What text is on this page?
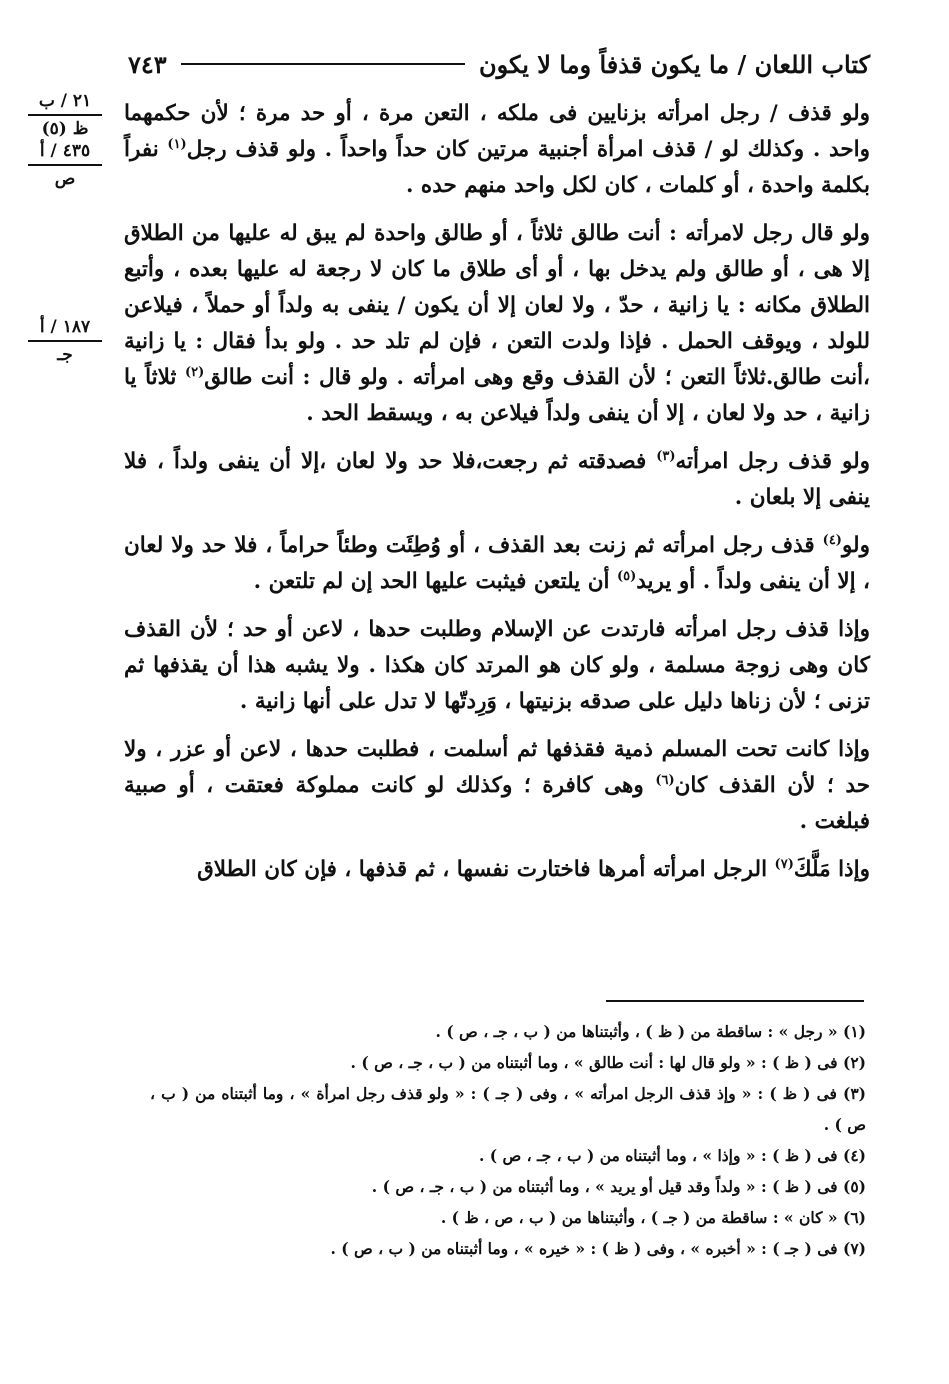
كتاب اللعان / ما يكون قذفاً وما لا يكون
٧٤٣
٢١ / ب
ظ (٥)
٤٣٥ / أ
ص
١٨٧ / أ
جـ

ولو قذف / رجل امرأته بزنايين فى ملكه ، التعن مرة ، أو حد مرة ؛ لأن حكمهما واحد . وكذلك لو / قذف امرأة أجنبية مرتين كان حداً واحداً . ولو قذف رجل$^{(١)}$ نفراً بكلمة واحدة ، أو كلمات ، كان لكل واحد منهم حده .

ولو قال رجل لامرأته : أنت طالق ثلاثاً ، أو طالق واحدة لم يبق له عليها من الطلاق إلا هى ، أو طالق ولم يدخل بها ، أو أى طلاق ما كان لا رجعة له عليها بعده ، وأتبع الطلاق مكانه : يا زانية ، حدّ ، ولا لعان إلا أن يكون / ينفى به ولداً أو حملاً ، فيلاعن للولد ، ويوقف الحمل . فإذا ولدت التعن ، فإن لم تلد حد . ولو بدأ فقال : يا زانية ،أنت طالق.ثلاثاً التعن ؛ لأن القذف وقع وهى امرأته . ولو قال : أنت طالق$^{(٢)}$ ثلاثاً يا زانية ، حد ولا لعان ، إلا أن ينفى ولداً فيلاعن به ، ويسقط الحد .

ولو قذف رجل امرأته$^{(٣)}$ فصدقته ثم رجعت،فلا حد ولا لعان ،إلا أن ينفى ولداً ، فلا ينفى إلا بلعان .

ولو$^{(٤)}$ قذف رجل امرأته ثم زنت بعد القذف ، أو وُطِئَت وطئاً حراماً ، فلا حد ولا لعان ، إلا أن ينفى ولداً . أو يريد$^{(٥)}$ أن يلتعن فيثبت عليها الحد إن لم تلتعن .

وإذا قذف رجل امرأته فارتدت عن الإسلام وطلبت حدها ، لاعن أو حد ؛ لأن القذف كان وهى زوجة مسلمة ، ولو كان هو المرتد كان هكذا . ولا يشبه هذا أن يقذفها ثم تزنى ؛ لأن زناها دليل على صدقه بزنيتها ، وَرِدتّها لا تدل على أنها زانية .

وإذا كانت تحت المسلم ذمية فقذفها ثم أسلمت ، فطلبت حدها ، لاعن أو عزر ، ولا حد ؛ لأن القذف كان$^{(٦)}$ وهى كافرة ؛ وكذلك لو كانت مملوكة فعتقت ، أو صبية فبلغت .

وإذا مَلَّكَ$^{(٧)}$ الرجل امرأته أمرها فاختارت نفسها ، ثم قذفها ، فإن كان الطلاق

(١) « رجل » : ساقطة من ( ظ ) ، وأثبتناها من ( ب ، جـ ، ص ) .

(٢) فى ( ظ ) : « ولو قال لها : أنت طالق » ، وما أثبتناه من ( ب ، جـ ، ص ) .

(٣) فى ( ظ ) : « وإذ قذف الرجل امرأته » ، وفى ( جـ ) : « ولو قذف رجل امرأة » ، وما أثبتناه من ( ب ، ص ) .

(٤) فى ( ظ ) : « وإذا » ، وما أثبتناه من ( ب ، جـ ، ص ) .

(٥) فى ( ظ ) : « ولداً وقد قيل أو يريد » ، وما أثبتناه من ( ب ، جـ ، ص ) .

(٦) « كان » : ساقطة من ( جـ ) ، وأثبتناها من ( ب ، ص ، ظ ) .

(٧) فى ( جـ ) : « أخبره » ، وفى ( ظ ) : « خيره » ، وما أثبتناه من ( ب ، ص ) .
